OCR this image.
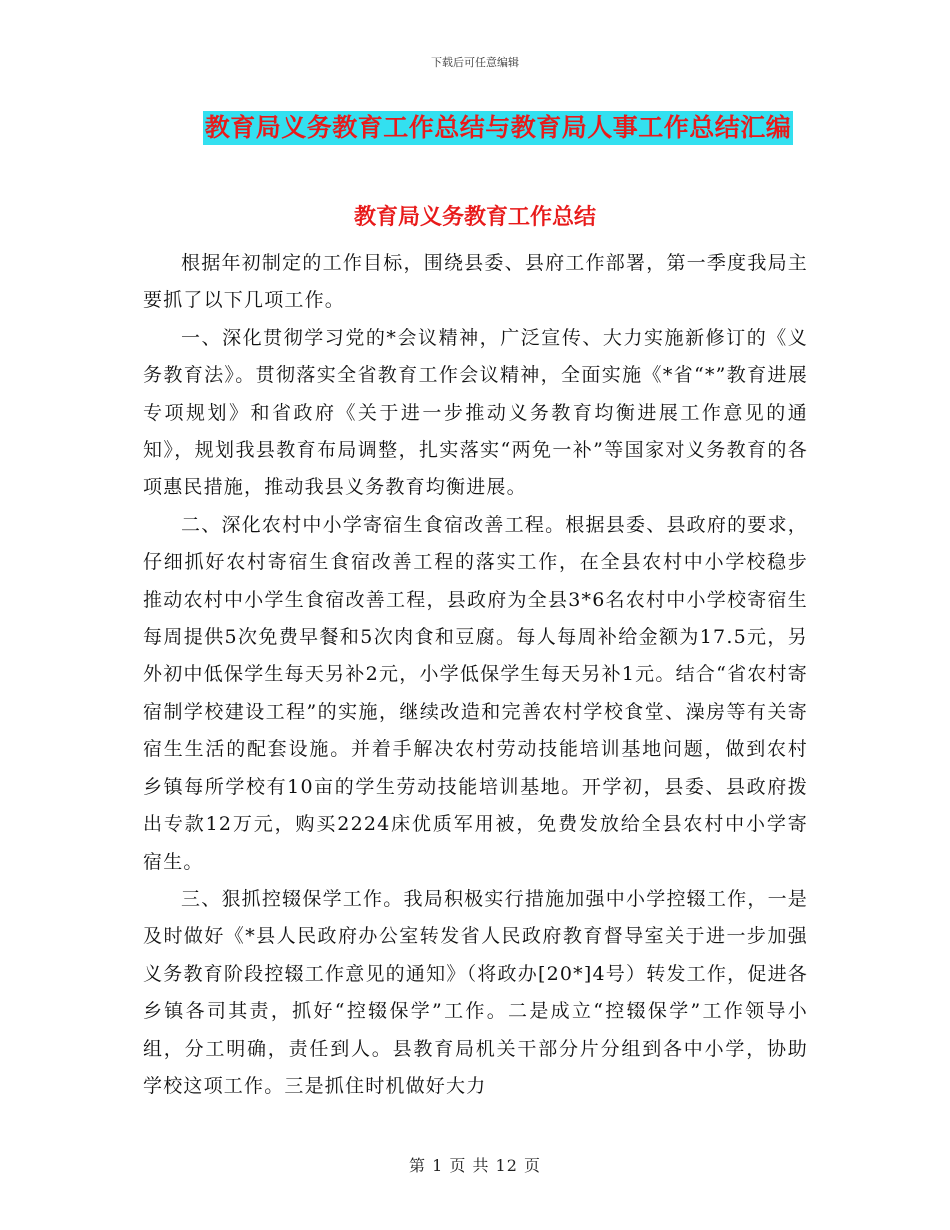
下载后可任意编辑
教育局义务教育工作总结与教育局人事工作总结汇编
教育局义务教育工作总结

根据年初制定的工作目标，围绕县委、县府工作部署，第一季度我局主要抓了以下几项工作。

一、深化贯彻学习党的*会议精神，广泛宣传、大力实施新修订的《义务教育法》。贯彻落实全省教育工作会议精神，全面实施《*省“*”教育进展专项规划》和省政府《关于进一步推动义务教育均衡进展工作意见的通知》，规划我县教育布局调整，扎实落实“两免一补”等国家对义务教育的各项惠民措施，推动我县义务教育均衡进展。

二、深化农村中小学寄宿生食宿改善工程。根据县委、县政府的要求，仔细抓好农村寄宿生食宿改善工程的落实工作，在全县农村中小学校稳步推动农村中小学生食宿改善工程，县政府为全县3*6名农村中小学校寄宿生每周提供5次免费早餐和5次肉食和豆腐。每人每周补给金额为17.5元，另外初中低保学生每天另补2元，小学低保学生每天另补1元。结合“省农村寄宿制学校建设工程”的实施，继续改造和完善农村学校食堂、澡房等有关寄宿生生活的配套设施。并着手解决农村劳动技能培训基地问题，做到农村乡镇每所学校有10亩的学生劳动技能培训基地。开学初，县委、县政府拨出专款12万元，购买2224床优质军用被，免费发放给全县农村中小学寄宿生。

三、狠抓控辍保学工作。我局积极实行措施加强中小学控辍工作，一是及时做好《*县人民政府办公室转发省人民政府教育督导室关于进一步加强义务教育阶段控辍工作意见的通知》（将政办[20*]4号）转发工作，促进各乡镇各司其责，抓好“控辍保学”工作。二是成立“控辍保学”工作领导小组，分工明确，责任到人。县教育局机关干部分片分组到各中小学，协助学校这项工作。三是抓住时机做好大力

第 1 页 共 12 页
